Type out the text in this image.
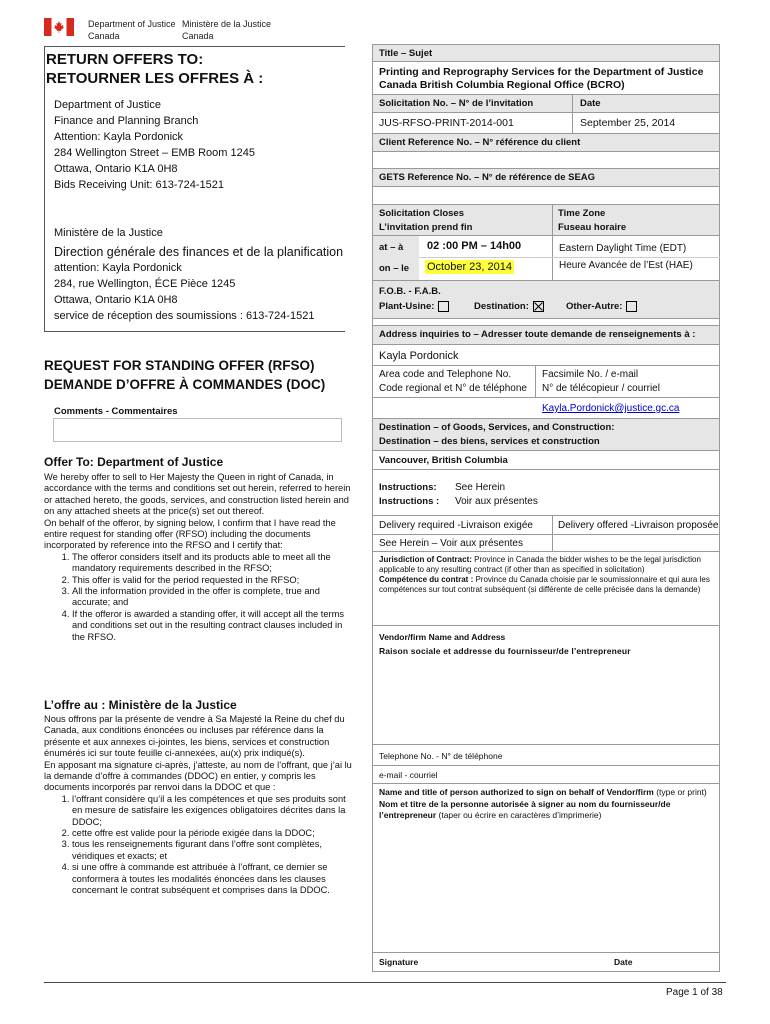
Department of Justice
Canada
Ministère de la Justice
Canada
RETURN OFFERS TO:
RETOURNER LES OFFRES À :
Department of Justice
Finance and Planning Branch
Attention: Kayla Pordonick
284 Wellington Street – EMB Room 1245
Ottawa, Ontario K1A 0H8
Bids Receiving Unit: 613-724-1521
Ministère de la Justice
Direction générale des finances et de la planification
attention: Kayla Pordonick
284, rue Wellington, ÉCE Pièce 1245
Ottawa, Ontario K1A 0H8
service de réception des soumissions : 613-724-1521
REQUEST FOR STANDING OFFER (RFSO)
DEMANDE D’OFFRE À COMMANDES (DOC)
Comments - Commentaires
Offer To: Department of Justice

We hereby offer to sell to Her Majesty the Queen in right of Canada, in accordance with the terms and conditions set out herein, referred to herein or attached hereto, the goods, services, and construction listed herein and on any attached sheets at the price(s) set out thereof.

On behalf of the offeror, by signing below, I confirm that I have read the entire request for standing offer (RFSO) including the documents incorporated by reference into the RFSO and I certify that:

1. The offeror considers itself and its products able to meet all the mandatory requirements described in the RFSO;
2. This offer is valid for the period requested in the RFSO;
3. All the information provided in the offer is complete, true and accurate; and
4. If the offeror is awarded a standing offer, it will accept all the terms and conditions set out in the resulting contract clauses included in the RFSO.
L’offre au : Ministère de la Justice

Nous offrons par la présente de vendre à Sa Majesté la Reine du chef du Canada, aux conditions énoncées ou incluses par référence dans la présente et aux annexes ci-jointes, les biens, services et construction énumérés ici sur toute feuille ci-annexées, au(x) prix indiqué(s).

En apposant ma signature ci-après, j’atteste, au nom de l’offrant, que j’ai lu la demande d’offre à commandes (DDOC) en entier, y compris les documents incorporés par renvoi dans la DDOC et que :

1. l’offrant considère qu’il a les compétences et que ses produits sont en mesure de satisfaire les exigences obligatoires décrites dans la DDOC;
2. cette offre est valide pour la période exigée dans la DDOC;
3. tous les renseignements figurant dans l’offre sont complètes, véridiques et exacts; et
4. si une offre à commande est attribuée à l’offrant, ce dernier se conformera à toutes les modalités énoncées dans les clauses concernant le contrat subséquent et comprises dans la DDOC.
Title – Sujet
Printing and Reprography Services for the Department of Justice Canada British Columbia Regional Office (BCRO)
Solicitation No. – N° de l’invitation	Date
JUS-RFSO-PRINT-2014-001	September 25, 2014
Client Reference No. – N° référence du client
GETS Reference No. – N° de référence de SEAG
Solicitation Closes
L’invitation prend fin
Time Zone
Fuseau horaire
at – à 02 :00 PM – 14h00	Eastern Daylight Time (EDT)
on – le October 23, 2014	Heure Avancée de l’Est (HAE)
F.O.B. - F.A.B.
Plant-Usine:	Destination:	Other-Autre:
Address inquiries to – Adresser toute demande de renseignements à :
Kayla Pordonick
Area code and Telephone No.
Code regional et N° de téléphone
Facsimile No. / e-mail
N° de télécopieur / courriel
Kayla.Pordonick@justice.gc.ca
Destination – of Goods, Services, and Construction:
Destination – des biens, services et construction
Vancouver, British Columbia
Instructions: See Herein
Instructions : Voir aux présentes
Delivery required -Livraison exigée	Delivery offered -Livraison proposée
See Herein – Voir aux présentes
Jurisdiction of Contract: Province in Canada the bidder wishes to be the legal jurisdiction applicable to any resulting contract (if other than as specified in solicitation)
Compétence du contrat : Province du Canada choisie par le soumissionnaire et qui aura les compétences sur tout contrat subséquent (si différente de celle précisée dans la demande)
Vendor/firm Name and Address
Raison sociale et addresse du fournisseur/de l’entrepreneur
Telephone No. - N° de téléphone
e-mail - courriel
Name and title of person authorized to sign on behalf of Vendor/firm (type or print)
Nom et titre de la personne autorisée à signer au nom du fournisseur/de l’entrepreneur (taper ou écrire en caractères d’imprimerie)
Signature	Date
Page 1 of 38
